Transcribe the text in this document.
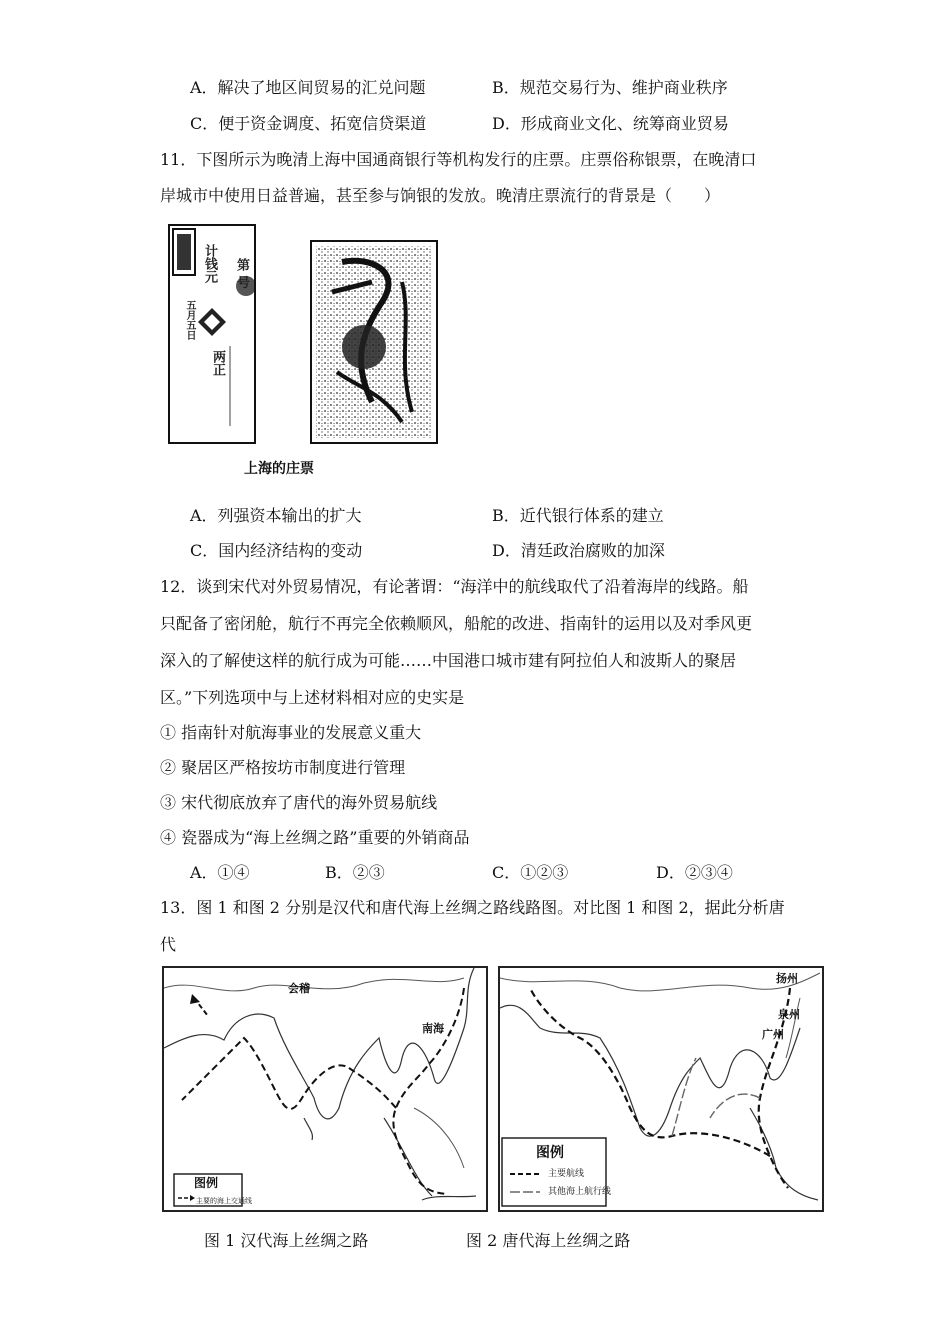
A．解决了地区间贸易的汇兑问题	B．规范交易行为、维护商业秩序
C．便于资金调度、拓宽信贷渠道	D．形成商业文化、统筹商业贸易
11．下图所示为晚清上海中国通商银行等机构发行的庄票。庄票俗称银票，在晚清口
岸城市中使用日益普遍，甚至参与饷银的发放。晚清庄票流行的背景是（　　）
计钱元 第 号
五月五日
两正
上海的庄票
A．列强资本输出的扩大	B．近代银行体系的建立
C．国内经济结构的变动	D．清廷政治腐败的加深
12．谈到宋代对外贸易情况，有论著谓：“海洋中的航线取代了沿着海岸的线路。船
只配备了密闭舱，航行不再完全依赖顺风，船舵的改进、指南针的运用以及对季风更
深入的了解使这样的航行成为可能……中国港口城市建有阿拉伯人和波斯人的聚居
区。”下列选项中与上述材料相对应的史实是
① 指南针对航海事业的发展意义重大
② 聚居区严格按坊市制度进行管理
③ 宋代彻底放弃了唐代的海外贸易航线
④ 瓷器成为“海上丝绸之路”重要的外销商品
A．①④	B．②③	C．①②③	D．②③④
13．图 1 和图 2 分别是汉代和唐代海上丝绸之路线路图。对比图 1 和图 2，据此分析唐
代
会稽
南海
图例
主要的海上交通线
扬州
泉州
广州
图例
主要航线
其他海上航行线
图 1 汉代海上丝绸之路	图 2 唐代海上丝绸之路
